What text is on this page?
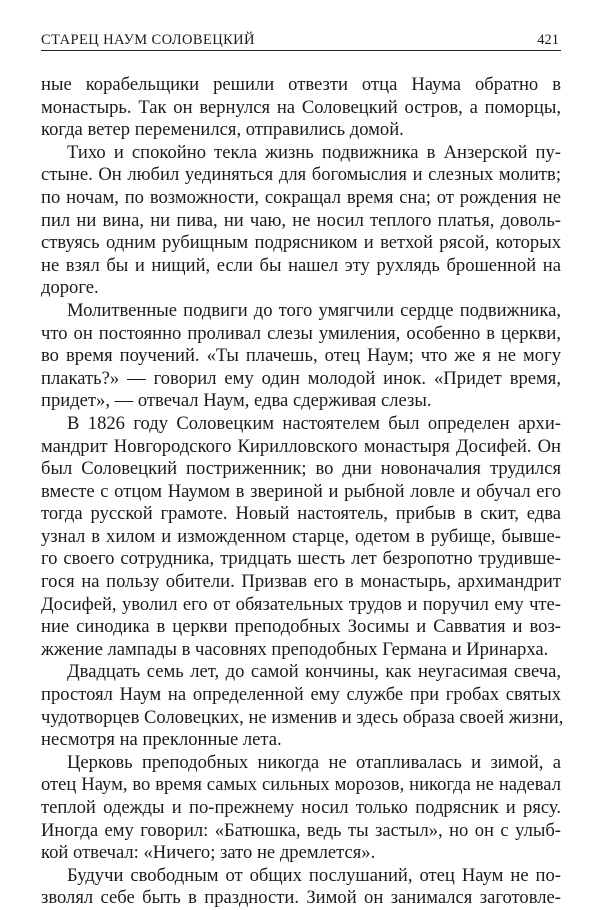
СТАРЕЦ НАУМ СОЛОВЕЦКИЙ	421
ные корабельщики решили отвезти отца Наума обратно в
монастырь. Так он вернулся на Соловецкий остров, а поморцы,
когда ветер переменился, отправились домой.
Тихо и спокойно текла жизнь подвижника в Анзерской пу-
стыне. Он любил уединяться для богомыслия и слезных молитв;
по ночам, по возможности, сокращал время сна; от рождения не
пил ни вина, ни пива, ни чаю, не носил теплого платья, доволь-
ствуясь одним рубищным подрясником и ветхой рясой, которых
не взял бы и нищий, если бы нашел эту рухлядь брошенной на
дороге.
Молитвенные подвиги до того умягчили сердце подвижника,
что он постоянно проливал слезы умиления, особенно в церкви,
во время поучений. «Ты плачешь, отец Наум; что же я не могу
плакать?» — говорил ему один молодой инок. «Придет время,
придет», — отвечал Наум, едва сдерживая слезы.
В 1826 году Соловецким настоятелем был определен архи-
мандрит Новгородского Кирилловского монастыря Досифей. Он
был Соловецкий постриженник; во дни новоначалия трудился
вместе с отцом Наумом в звериной и рыбной ловле и обучал его
тогда русской грамоте. Новый настоятель, прибыв в скит, едва
узнал в хилом и изможденном старце, одетом в рубище, бывше-
го своего сотрудника, тридцать шесть лет безропотно трудивше-
гося на пользу обители. Призвав его в монастырь, архимандрит
Досифей, уволил его от обязательных трудов и поручил ему чте-
ние синодика в церкви преподобных Зосимы и Савватия и воз-
жжение лампады в часовнях преподобных Германа и Иринарха.
Двадцать семь лет, до самой кончины, как неугасимая свеча,
простоял Наум на определенной ему службе при гробах святых
чудотворцев Соловецких, не изменив и здесь образа своей жизни,
несмотря на преклонные лета.
Церковь преподобных никогда не отапливалась и зимой, а
отец Наум, во время самых сильных морозов, никогда не надевал
теплой одежды и по-прежнему носил только подрясник и рясу.
Иногда ему говорил: «Батюшка, ведь ты застыл», но он с улыб-
кой отвечал: «Ничего; зато не дремлется».
Будучи свободным от общих послушаний, отец Наум не по-
зволял себе быть в праздности. Зимой он занимался заготовле-
